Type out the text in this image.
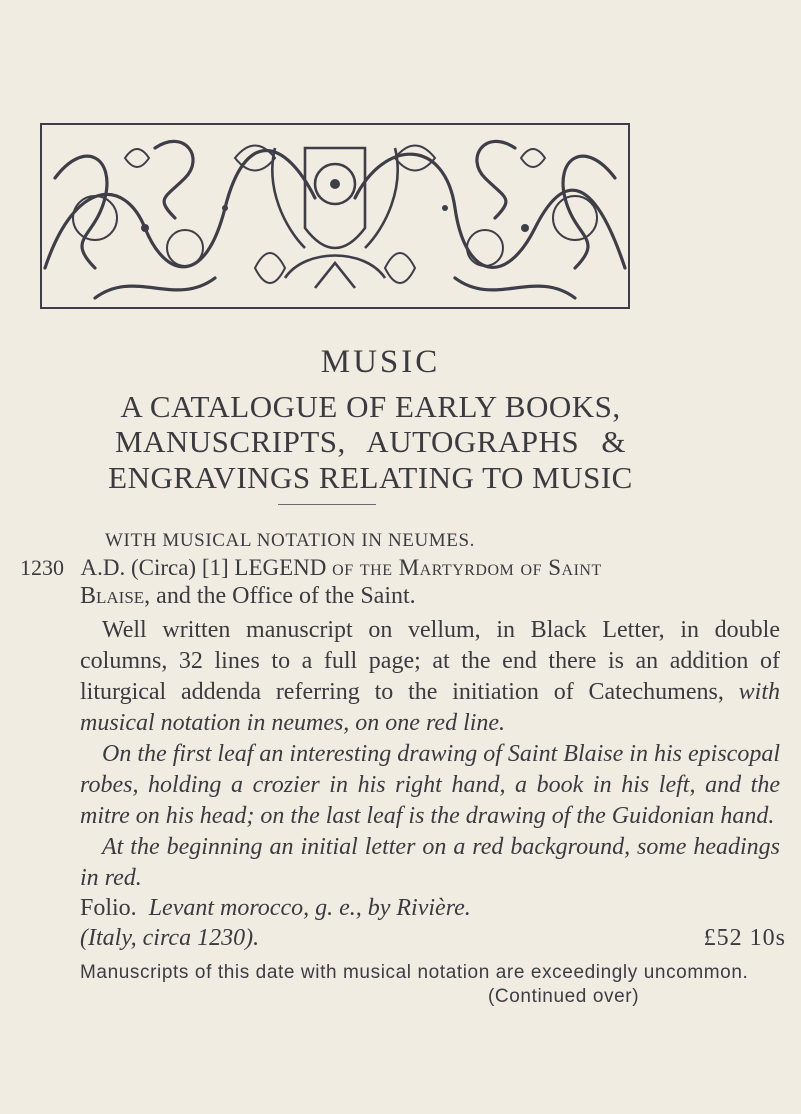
MUSIC
A CATALOGUE OF EARLY BOOKS,
MANUSCRIPTS, AUTOGRAPHS &
ENGRAVINGS RELATING TO MUSIC
WITH MUSICAL NOTATION IN NEUMES.
1230 A.D. (Circa) [1] LEGEND of the Martyrdom of Saint
Blaise, and the Office of the Saint.
Well written manuscript on vellum, in Black Letter, in double columns, 32 lines to a full page; at the end there is an addition of liturgical addenda referring to the initiation of Catechumens, with musical notation in neumes, on one red line.
On the first leaf an interesting drawing of Saint Blaise in his episcopal robes, holding a crozier in his right hand, a book in his left, and the mitre on his head; on the last leaf is the drawing of the Guidonian hand.
At the beginning an initial letter on a red background, some headings in red.
Folio. Levant morocco, g. e., by Rivière.
(Italy, circa 1230).	£52 10s
Manuscripts of this date with musical notation are exceedingly uncommon.
(Continued over)
